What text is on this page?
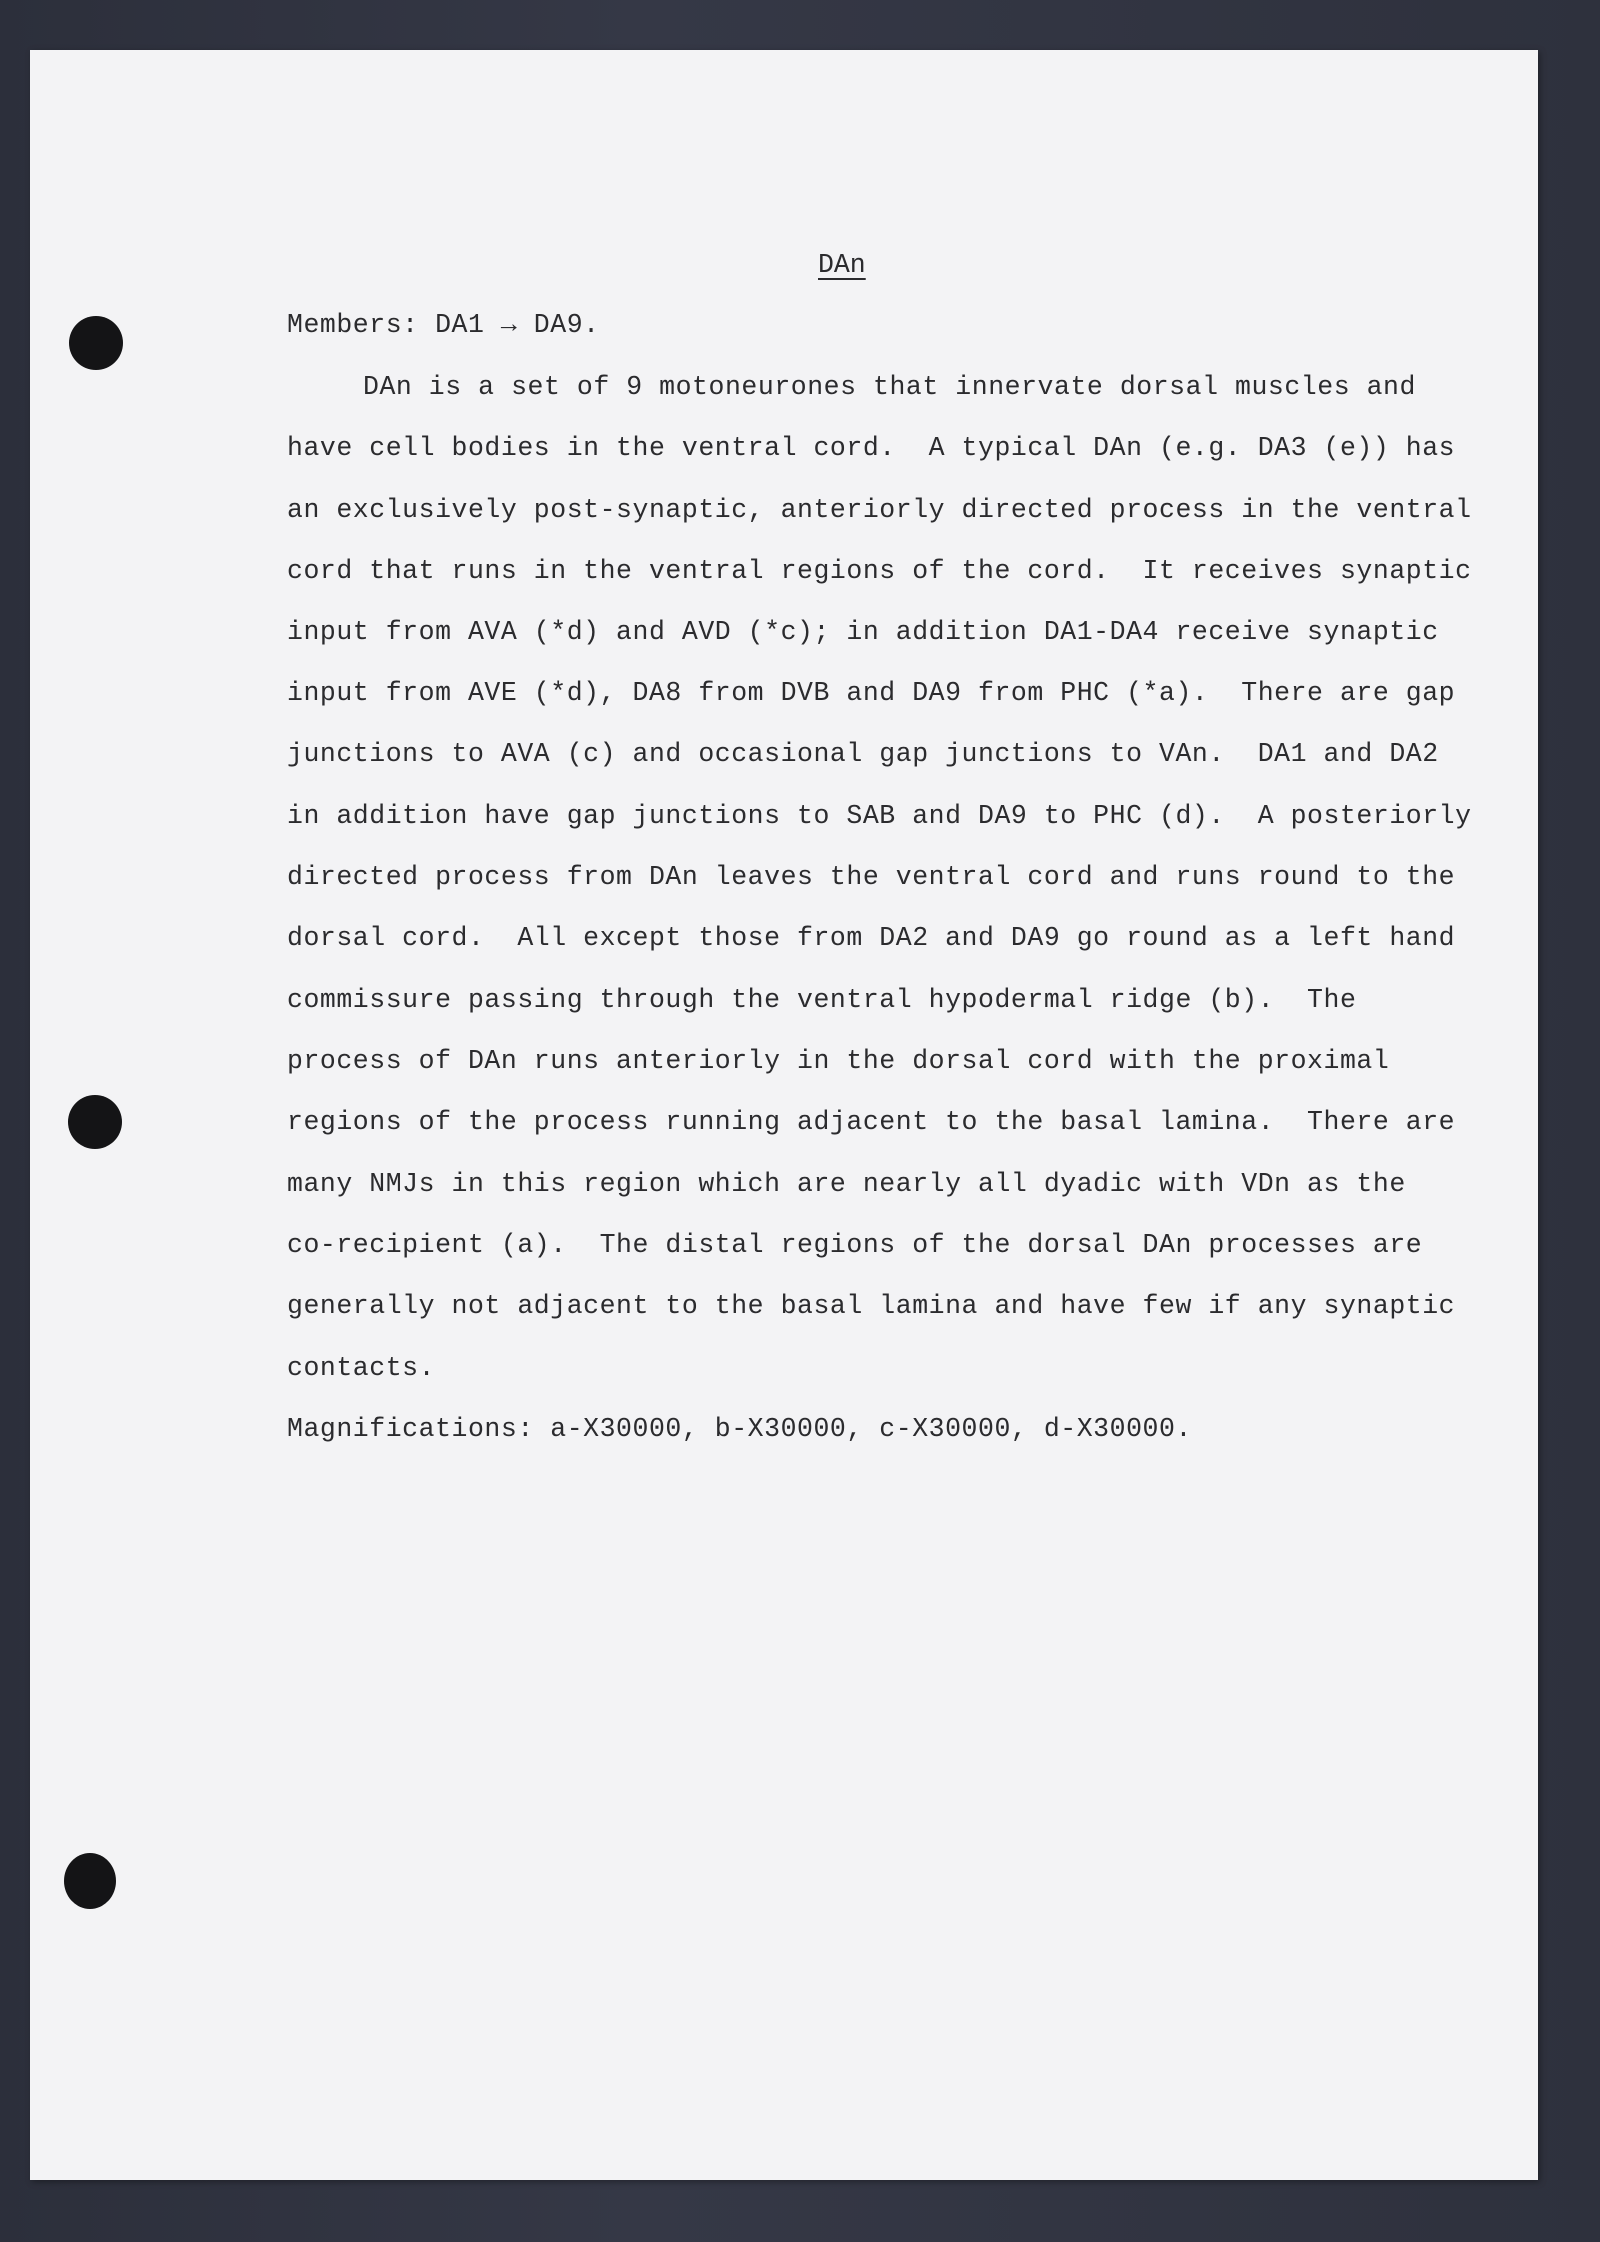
DAn
Members: DA1 → DA9.
DAn is a set of 9 motoneurones that innervate dorsal muscles and
have cell bodies in the ventral cord.  A typical DAn (e.g. DA3 (e)) has
an exclusively post-synaptic, anteriorly directed process in the ventral
cord that runs in the ventral regions of the cord.  It receives synaptic
input from AVA (*d) and AVD (*c); in addition DA1-DA4 receive synaptic
input from AVE (*d), DA8 from DVB and DA9 from PHC (*a).  There are gap
junctions to AVA (c) and occasional gap junctions to VAn.  DA1 and DA2
in addition have gap junctions to SAB and DA9 to PHC (d).  A posteriorly
directed process from DAn leaves the ventral cord and runs round to the
dorsal cord.  All except those from DA2 and DA9 go round as a left hand
commissure passing through the ventral hypodermal ridge (b).  The
process of DAn runs anteriorly in the dorsal cord with the proximal
regions of the process running adjacent to the basal lamina.  There are
many NMJs in this region which are nearly all dyadic with VDn as the
co-recipient (a).  The distal regions of the dorsal DAn processes are
generally not adjacent to the basal lamina and have few if any synaptic
contacts.
Magnifications: a-X30000, b-X30000, c-X30000, d-X30000.
